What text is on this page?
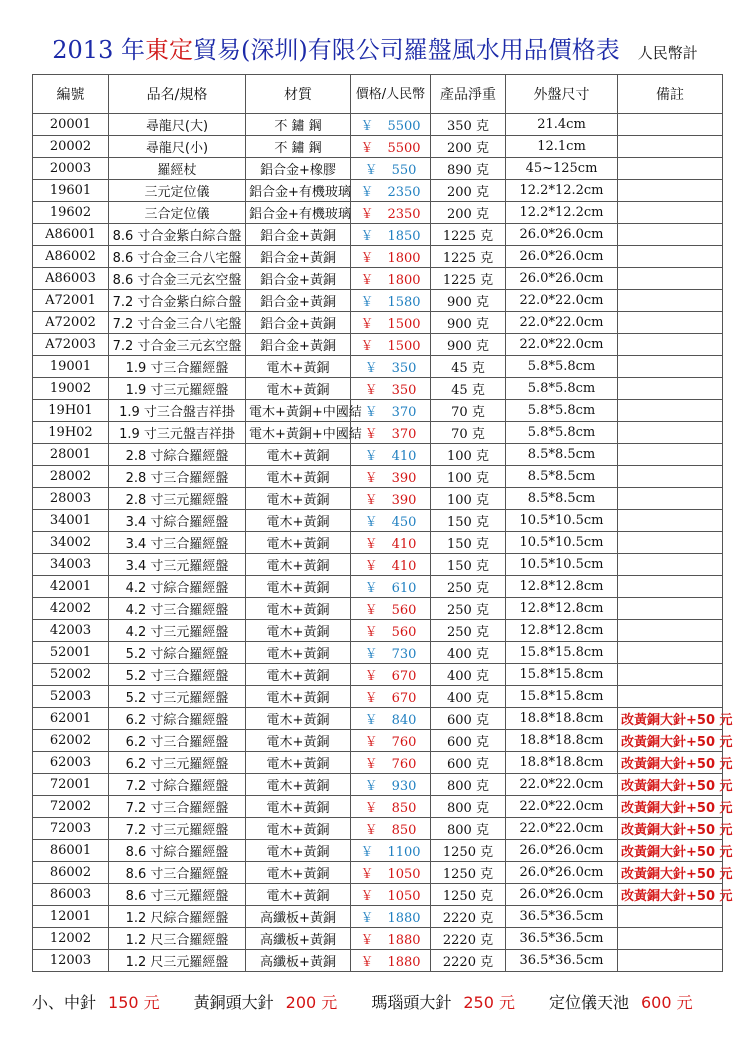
2013 年東定貿易(深圳)有限公司羅盤風水用品價格表 人民幣計
編號	品名/規格	材質	價格/人民幣	產品淨重	外盤尺寸	備註
20001	尋龍尺(大)	不 鏽 鋼	￥ 5500	350 克	21.4cm	
20002	尋龍尺(小)	不 鏽 鋼	￥ 5500	200 克	12.1cm	
20003	羅經杖	鋁合金+橡膠	￥ 550	890 克	45~125cm	
19601	三元定位儀	鋁合金+有機玻璃	￥ 2350	200 克	12.2*12.2cm	
19602	三合定位儀	鋁合金+有機玻璃	￥ 2350	200 克	12.2*12.2cm	
A86001	8.6 寸合金紫白綜合盤	鋁合金+黃銅	￥ 1850	1225 克	26.0*26.0cm	
A86002	8.6 寸合金三合八宅盤	鋁合金+黃銅	￥ 1800	1225 克	26.0*26.0cm	
A86003	8.6 寸合金三元玄空盤	鋁合金+黃銅	￥ 1800	1225 克	26.0*26.0cm	
A72001	7.2 寸合金紫白綜合盤	鋁合金+黃銅	￥ 1580	900 克	22.0*22.0cm	
A72002	7.2 寸合金三合八宅盤	鋁合金+黃銅	￥ 1500	900 克	22.0*22.0cm	
A72003	7.2 寸合金三元玄空盤	鋁合金+黃銅	￥ 1500	900 克	22.0*22.0cm	
19001	1.9 寸三合羅經盤	電木+黃銅	￥ 350	45 克	5.8*5.8cm	
19002	1.9 寸三元羅經盤	電木+黃銅	￥ 350	45 克	5.8*5.8cm	
19H01	1.9 寸三合盤吉祥掛	電木+黃銅+中國結	￥ 370	70 克	5.8*5.8cm	
19H02	1.9 寸三元盤吉祥掛	電木+黃銅+中國結	￥ 370	70 克	5.8*5.8cm	
28001	2.8 寸綜合羅經盤	電木+黃銅	￥ 410	100 克	8.5*8.5cm	
28002	2.8 寸三合羅經盤	電木+黃銅	￥ 390	100 克	8.5*8.5cm	
28003	2.8 寸三元羅經盤	電木+黃銅	￥ 390	100 克	8.5*8.5cm	
34001	3.4 寸綜合羅經盤	電木+黃銅	￥ 450	150 克	10.5*10.5cm	
34002	3.4 寸三合羅經盤	電木+黃銅	￥ 410	150 克	10.5*10.5cm	
34003	3.4 寸三元羅經盤	電木+黃銅	￥ 410	150 克	10.5*10.5cm	
42001	4.2 寸綜合羅經盤	電木+黃銅	￥ 610	250 克	12.8*12.8cm	
42002	4.2 寸三合羅經盤	電木+黃銅	￥ 560	250 克	12.8*12.8cm	
42003	4.2 寸三元羅經盤	電木+黃銅	￥ 560	250 克	12.8*12.8cm	
52001	5.2 寸綜合羅經盤	電木+黃銅	￥ 730	400 克	15.8*15.8cm	
52002	5.2 寸三合羅經盤	電木+黃銅	￥ 670	400 克	15.8*15.8cm	
52003	5.2 寸三元羅經盤	電木+黃銅	￥ 670	400 克	15.8*15.8cm	
62001	6.2 寸綜合羅經盤	電木+黃銅	￥ 840	600 克	18.8*18.8cm	改黃銅大針+50 元
62002	6.2 寸三合羅經盤	電木+黃銅	￥ 760	600 克	18.8*18.8cm	改黃銅大針+50 元
62003	6.2 寸三元羅經盤	電木+黃銅	￥ 760	600 克	18.8*18.8cm	改黃銅大針+50 元
72001	7.2 寸綜合羅經盤	電木+黃銅	￥ 930	800 克	22.0*22.0cm	改黃銅大針+50 元
72002	7.2 寸三合羅經盤	電木+黃銅	￥ 850	800 克	22.0*22.0cm	改黃銅大針+50 元
72003	7.2 寸三元羅經盤	電木+黃銅	￥ 850	800 克	22.0*22.0cm	改黃銅大針+50 元
86001	8.6 寸綜合羅經盤	電木+黃銅	￥ 1100	1250 克	26.0*26.0cm	改黃銅大針+50 元
86002	8.6 寸三合羅經盤	電木+黃銅	￥ 1050	1250 克	26.0*26.0cm	改黃銅大針+50 元
86003	8.6 寸三元羅經盤	電木+黃銅	￥ 1050	1250 克	26.0*26.0cm	改黃銅大針+50 元
12001	1.2 尺綜合羅經盤	高纖板+黃銅	￥ 1880	2220 克	36.5*36.5cm	
12002	1.2 尺三合羅經盤	高纖板+黃銅	￥ 1880	2220 克	36.5*36.5cm	
12003	1.2 尺三元羅經盤	高纖板+黃銅	￥ 1880	2220 克	36.5*36.5cm	
小、中針 150 元 黃銅頭大針 200 元 瑪瑙頭大針 250 元 定位儀天池 600 元
